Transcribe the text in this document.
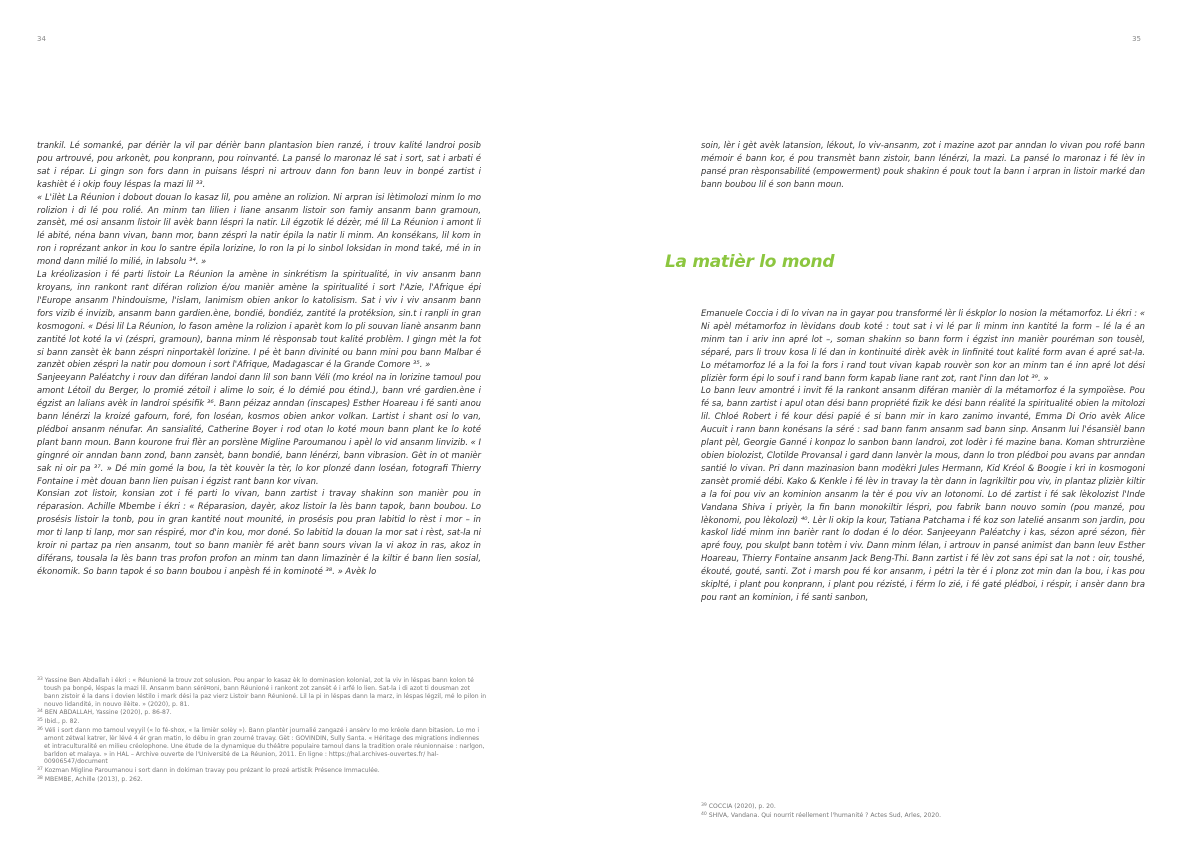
34

trankil. Lé somanké, par dérièr la vil par dérièr bann plantasion bien ranzé, i trouv kalité landroi posib pou artrouvé, pou arkonèt, pou konprann, pou roinvanté. La pansé lo maronaz lé sat i sort, sat i arbati é sat i répar. Li gingn son fors dann in puisans léspri ni artrouv dann fon bann leuv in bonpé zartist i kashièt é i okip fouy léspas la mazi lil ³³.

« L'ilèt La Réunion i dobout douan lo kasaz lil, pou amène an rolizion. Ni arpran isi lètimolozi minm lo mo rolizion i di lé pou rolié. An minm tan lilien i liane ansanm listoir son famiy ansanm bann gramoun, zansèt, mé osi ansanm listoir lil avèk bann léspri la natir. Lil égzotik lé dézèr, mé lil La Réunion i amont li lé abité, néna bann vivan, bann mor, bann zéspri la natir épila la natir li minm. An konsékans, lil kom in ron i roprézant ankor in kou lo santre épila lorizine, lo ron la pi lo sinbol loksidan in mond také, mé in in mond dann milié lo milié, in Iabsolu ³⁴. »

La kréolizasion i fé parti listoir La Réunion la amène in sinkrétism la spiritualité, in viv ansanm bann kroyans, inn rankont rant diféran rolizion é/ou manièr amène la spiritualité i sort l'Azie, l'Afrique épi l'Europe ansanm l'hindouisme, l'islam, lanimism obien ankor lo katolisism. Sat i viv i viv ansanm bann fors vizib é invizib, ansanm bann gardien.ène, bondié, bondiéz, zantité la protéksion, sin.t i ranpli in gran kosmogoni. « Dési lil La Réunion, lo fason amène la rolizion i aparèt kom lo pli souvan lianè ansanm bann zantité lot koté la vi (zéspri, gramoun), banna minm lé rèsponsab tout kalité problèm. I gingn mèt la fot si bann zansèt èk bann zéspri ninportakèl lorizine. I pé èt bann divinité ou bann mini pou bann Malbar é zanzèt obien zéspri la natir pou domoun i sort l'Afrique, Madagascar é la Grande Comore ³⁵. »

Sanjeeyann Paléatchy i rouv dan diféran landoi dann lil son bann Véli (mo kréol na in lorizine tamoul pou amont Létoil du Berger, lo promié zétoil i alime lo soir, é lo démié pou étind.), bann vré gardien.ène i égzist an lalians avèk in landroi spésifik ³⁶. Bann péizaz anndan (inscapes) Esther Hoareau i fé santi anou bann lénérzi la kroizé gafourn, foré, fon loséan, kosmos obien ankor volkan. Lartist i shant osi lo van, plédboi ansanm nénufar. An sansialité, Catherine Boyer i rod otan lo koté moun bann plant ke lo koté plant bann moun. Bann kourone frui flèr an porslène Migline Paroumanou i apèl lo vid ansanm linvizib. « I gingnré oir anndan bann zond, bann zansèt, bann bondié, bann lénérzi, bann vibrasion. Gèt in ot manièr sak ni oir pa ³⁷. » Dé min gomé la bou, la tèt kouvèr la tèr, lo kor plonzé dann loséan, fotografi Thierry Fontaine i mèt douan bann lien puisan i égzist rant bann kor vivan.

Konsian zot listoir, konsian zot i fé parti lo vivan, bann zartist i travay shakinn son manièr pou in réparasion. Achille Mbembe i ékri : « Réparasion, dayèr, akoz listoir la lès bann tapok, bann boubou. Lo prosésis listoir la tonb, pou in gran kantité nout mounité, in prosésis pou pran labitid lo rèst i mor – in mor ti lanp ti lanp, mor san réspiré, mor d'in kou, mor doné. So labitid la douan la mor sat i rèst, sat-la ni kroir ni partaz pa rien ansanm, tout so bann manièr fé arèt bann sours vivan la vi akoz in ras, akoz in diférans, tousala la lès bann tras profon profon an minm tan dann limazinèr é la kiltir é bann lien sosial, ékonomik. So bann tapok é so bann boubou i anpèsh fé in kominoté ³⁸. » Avèk lo

$^{33}$ Yassine Ben Abdallah i ékri : « Réunioné la trouv zot solusion. Pou anpar lo kasaz èk lo dominasion kolonial, zot la viv in léspas bann kolon té toush pa bonpé, léspas la mazi lil. Ansanm bann séréमoni, bann Réunioné i rankont zot zansèt é i arfé lo lien. Sat-la i di azot ti dousman zot bann zistoir é la dans i dovien léstilo i mark dési la paz vierz Listoir bann Réunioné. Lil la pi in léspas dann la marz, in léspas légzil, mé lo pilon in nouvo lidandité, in nouvo ilèite. » (2020), p. 81.

$^{34}$ BEN ABDALLAH, Yassine (2020), p. 86-87.

$^{35}$ Ibid., p. 82.

$^{36}$ Véli i sort dann mo tamoul veyyil (« lo fé-shox, « la limièr solèy »). Bann plantèr journalié zangazé i ansèrv lo mo kréole dann bitasion. Lo mo i amont zétwal katrer, lèr lévé 4 ér gran matin, lo débu in gran zourné travay. Gèt : GOVINDIN, Sully Santa. « Héritage des migrations indiennes et intraculturalité en milieu créolophone. Une étude de la dynamique du théâtre populaire tamoul dans la tradition orale réunionnaise : narlgon, barldon et malaya. » in HAL – Archive ouverte de l'Université de La Réunion, 2011. En ligne : https://hal.archives-ouvertes.fr/ hal-00906547/document

$^{37}$ Kozman Migline Paroumanou i sort dann in dokiman travay pou prézant lo prozé artistik Présence Immaculée.

$^{38}$ MBEMBE, Achille (2013), p. 262.

35

soin, lèr i gèt avèk latansion, lékout, lo viv-ansanm, zot i mazine azot par anndan lo vivan pou rofé bann mémoir é bann kor, é pou transmèt bann zistoir, bann lénérzi, la mazi. La pansé lo maronaz i fé lèv in pansé pran rèsponsabilité (empowerment) pouk shakinn é pouk tout la bann i arpran in listoir marké dan bann boubou lil é son bann moun.

La matièr lo mond

Emanuele Coccia i di lo vivan na in gayar pou transformé lèr li éskplor lo nosion la métamorfoz. Li ékri : « Ni apèl métamorfoz in lèvidans doub koté : tout sat i vi lé par li minm inn kantité la form – lé la é an minm tan i ariv inn apré lot –, soman shakinn so bann form i égzist inn manièr pouréman son tousèl, séparé, pars li trouv kosa li lé dan in kontinuité dirèk avèk in linfinité tout kalité form avan é apré sat-la. Lo métamorfoz lé a la foi la fors i rand tout vivan kapab rouvèr son kor an minm tan é inn apré lot dési plizièr form épi lo souf i rand bann form kapab liane rant zot, rant l'inn dan lot ³⁹. »

Lo bann leuv amontré i invit fé la rankont ansanm diféran manièr di la métamorfoz é la sympoïèse. Pou fé sa, bann zartist i apul otan dési bann propriété fizik ke dési bann réalité la spiritualité obien la mitolozi lil. Chloé Robert i fé kour dési papié é si bann mir in karo zanimo invanté, Emma Di Orio avèk Alice Aucuit i rann bann konésans la séré : sad bann fanm ansanm sad bann sinp. Ansanm lui l'ésansièl bann plant pèl, Georgie Ganné i konpoz lo sanbon bann landroi, zot lodèr i fé mazine bana. Koman shtrurziène obien biolozist, Clotilde Provansal i gard dann lanvèr la mous, dann lo tron plédboi pou avans par anndan santié lo vivan. Pri dann mazinasion bann modèkri Jules Hermann, Kid Kréol & Boogie i kri in kosmogoni zansèt promié débi. Kako & Kenkle i fé lèv in travay la tèr dann in lagrikiltir pou viv, in plantaz plizièr kiltir a la foi pou viv an kominion ansanm la tèr é pou viv an lotonomi. Lo dé zartist i fé sak lèkolozist l'Inde Vandana Shiva i priyèr, la fin bann monokiltir léspri, pou fabrik bann nouvo somin (pou manzé, pou lèkonomi, pou lèkolozi) ⁴⁰. Lèr li okip la kour, Tatiana Patchama i fé koz son latelié ansanm son jardin, pou kaskol lidé minm inn barièr rant lo dodan é lo déor. Sanjeeyann Paléatchy i kas, sézon apré sézon, fièr apré fouy, pou skulpt bann totèm i viv. Dann minm lélan, i artrouv in pansé animist dan bann leuv Esther Hoareau, Thierry Fontaine ansanm Jack Beng-Thi. Bann zartist i fé lèv zot sans épi sat la not : oir, toushé, ékouté, gouté, santi. Zot i marsh pou fé kor ansanm, i pétri la tèr é i plonz zot min dan la bou, i kas pou skiplté, i plant pou konprann, i plant pou rézisté, i férm lo zié, i fé gaté plédboi, i réspir, i ansèr dann bra pou rant an kominion, i fé santi sanbon,

$^{39}$ COCCIA (2020), p. 20.

$^{40}$ SHIVA, Vandana. Qui nourrit réellement l'humanité ? Actes Sud, Arles, 2020.
